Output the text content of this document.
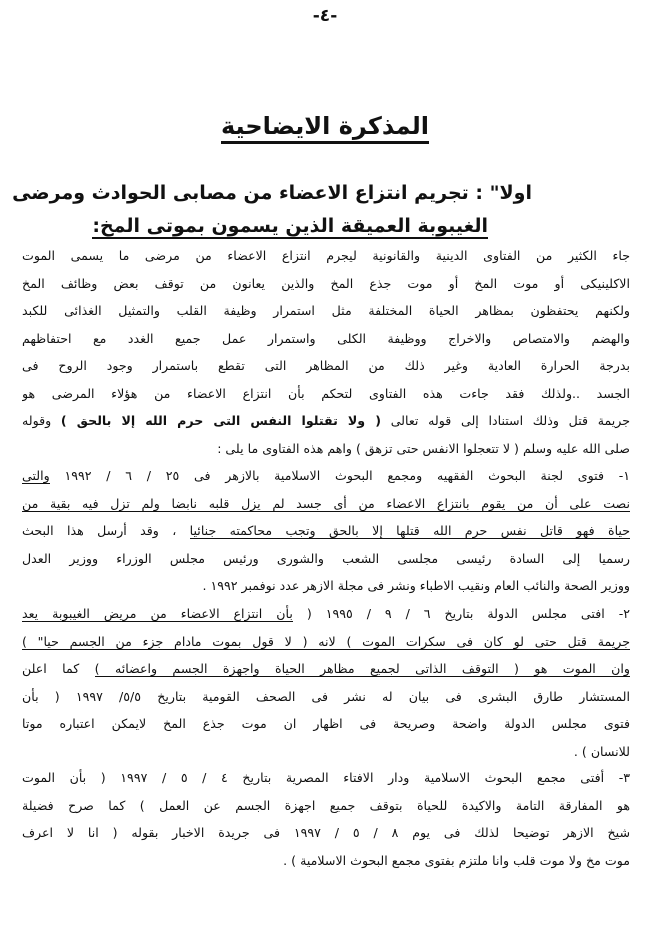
-٤-
المذكرة الايضاحية
اولا" : تجريم انتزاع الاعضاء من مصابى الحوادث ومرضى
الغيبوبة العميقة الذين يسمون بموتى المخ:
جاء الكثير من الفتاوى الدينية والقانونية ليجرم انتزاع الاعضاء من مرضى ما يسمى الموت
الاكلينيكى أو موت المخ أو موت جذع المخ والذين يعانون من توقف بعض وظائف المخ
ولكنهم يحتفظون بمظاهر الحياة المختلفة مثل استمرار وظيفة القلب والتمثيل الغذائى للكبد
والهضم والامتصاص والاخراج ووظيفة الكلى واستمرار عمل جميع الغدد مع احتفاظهم
بدرجة الحرارة العادية وغير ذلك من المظاهر التى تقطع باستمرار وجود الروح فى
الجسد ..ولذلك فقد جاءت هذه الفتاوى لتحكم بأن انتزاع الاعضاء من هؤلاء المرضى هو
جريمة قتل وذلك استنادا إلى قوله تعالى ( ولا تقتلوا النفس التى حرم الله إلا بالحق ) وقوله
صلى الله عليه وسلم ( لا تتعجلوا الانفس حتى تزهق ) واهم هذه الفتاوى ما يلى :
١- فتوى لجنة البحوث الفقهيه ومجمع البحوث الاسلامية بالازهر فى ٢٥ / ٦ / ١٩٩٢ والتى
نصت على أن من يقوم بانتزاع الاعضاء من أى جسد لم يزل قلبه نابضا ولم تزل فيه بقية من
حياة فهو قاتل نفس حرم الله قتلها إلا بالحق وتجب محاكمته جنائيا ، وقد أرسل هذا البحث
رسميا إلى السادة رئيسى مجلسى الشعب والشورى ورئيس مجلس الوزراء ووزير العدل
ووزير الصحة والنائب العام ونقيب الاطباء ونشر فى مجلة الازهر عدد نوفمبر ١٩٩٢ .
٢- افتى مجلس الدولة بتاريخ ٦ / ٩ / ١٩٩٥ ( بأن انتزاع الاعضاء من مريض الغيبوبة يعد
جريمة قتل حتى لو كان فى سكرات الموت ) لانه ( لا قول بموت مادام جزء من الجسم حيا" )
وان الموت هو ( التوقف الذاتى لجميع مظاهر الحياة واجهزة الجسم واعضائه ) كما اعلن
المستشار طارق البشرى فى بيان له نشر فى الصحف القومية بتاريخ ٥/٥/ ١٩٩٧ ( بأن
فتوى مجلس الدولة واضحة وصريحة فى اظهار ان موت جذع المخ لايمكن اعتباره موتا
للانسان ) .
٣- أفتى مجمع البحوث الاسلامية ودار الافتاء المصرية بتاريخ ٤ / ٥ / ١٩٩٧ ( بأن الموت
هو المفارقة التامة والاكيدة للحياة بتوقف جميع اجهزة الجسم عن العمل ) كما صرح فضيلة
شيخ الازهر توضيحا لذلك فى يوم ٨ / ٥ / ١٩٩٧ فى جريدة الاخبار بقوله ( انا لا اعرف
موت مخ ولا موت قلب وانا ملتزم بفتوى مجمع البحوث الاسلامية ) .
